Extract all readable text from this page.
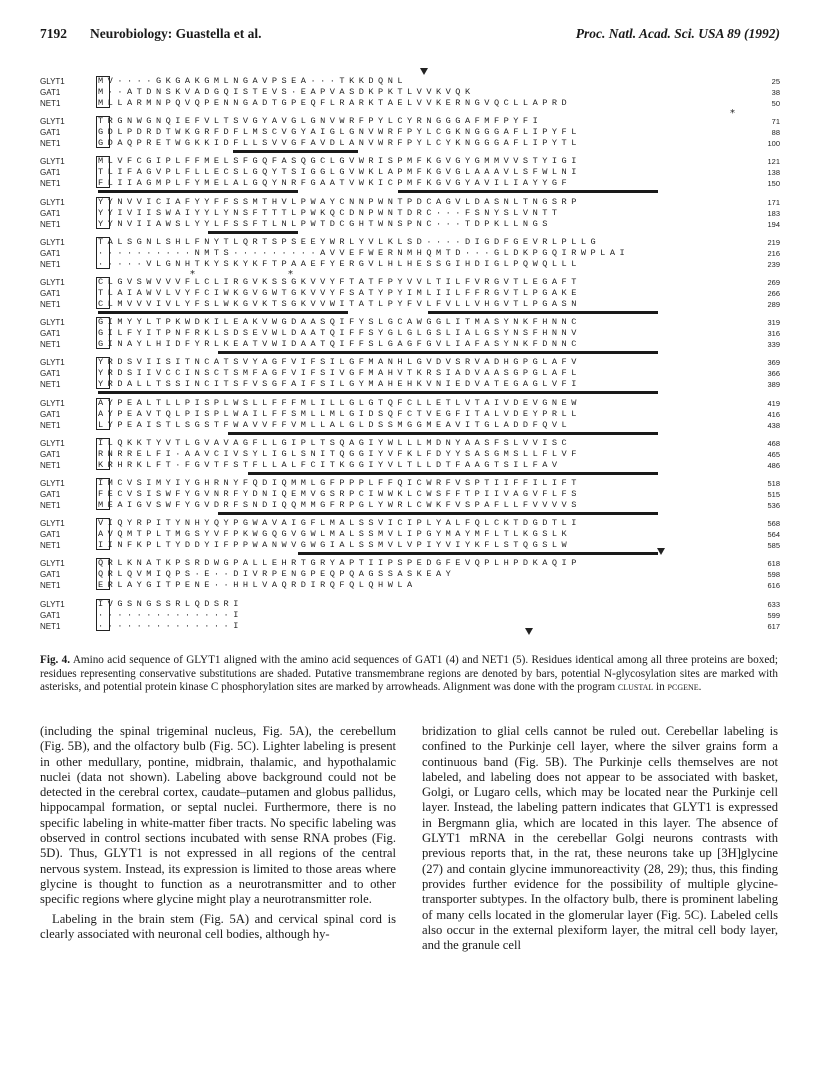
7192 Neurobiology: Guastella et al.	Proc. Natl. Acad. Sci. USA 89 (1992)
GLYT1	MV····GKGAKGMLNGAVPSEA···TKKDQNL	25
GAT1	M··ATDNSKVADGQISTEVS·EAPVASDKPKTLVVKVQK	38
NET1	MLLARMNPQVQPENNGADTGPEQFLRARKTAELVVKERNGVQCLLAPRD	50
GLYT1	TRGNWGNQIEFVLTSVGYAVGLGNVWRFPYLCYRNGGGAFMFPYFI	71
GAT1	GDLPDRDTWKGRFDFLMSCVGYAIGLGNVWRFPYLCGKNGGGAFLIPYFL	88
NET1	GDAQPRETWGKKIDFLLSVVGFAVDLANVWRFPYLCYKNGGGAFLIPYTL	100
GLYT1	MLVFCGIPLFFMELSFGQFASQGCLGVWRISPMFKGVGYGMMVVSTYIGI	121
GAT1	TLIFAGVPLFLLECSLGQYTSIGGLGVWKLAPMFKGVGLAAAVLSFWLNI	138
NET1	FLIIAGMPLFYMELALGQYNRFGAATVWKICPMFKGVGYAVILIAYYGF	150
GLYT1	YYNVVICIAFYYFFSSMTHVLPWAYCNNPWNTPDCAGVLDASNLTNGSRP	171
GAT1	YYIVIISWAIYYLYNSFTTTLPWKQCDNPWNTDRC···FSNYSLVNTT	183
NET1	YYNVIIAWSLYYLFSSFTLNLPWTDCGHTWNSPNC···TDPKLLNGS	194
GLYT1	TALSGNLSHLFNYTLQRTSPSEEYWRLYVLKLSD····DIGDFGEVRLPLLG	219
GAT1	··········NMTS·········AVVEFWERNMHQMTD···GLDKPGQIRWPLAI	216
NET1	·····VLGNHTKYSKYKFTPAAEFYERGVLHLHESSGIHDIGLPQWQLLL	239
GLYT1	CLGVSWVVVFLCLIRGVKSSGKVVYFTATFPYVVLTILFVRGVTLEGAFT	269
GAT1	TLAIAWVLVYFCIWKGVGWTGKVVYFSATYPYIMLIILFFRGVTLPGAKE	266
NET1	CLMVVVIVLYFSLWKGVKTSGKVVWITATLPYFVLFVLLVHGVTLPGASN	289
GLYT1	GIMYYLTPKWDKILEAKVWGDAASQIFYSLGCAWGGLITMASYNKFHNNC	319
GAT1	GILFYITPNFRKLSDSEVWLDAATQIFFSYGLGLGSLIALGSYNSFHNNV	316
NET1	GINAYLHIDFYRLKEATVWIDAATQIFFSLGAGFGVLIAFASYNKFDNNC	339
GLYT1	YRDSVIISITNCATSVYAGFVIFSILGFMANHLGVDVSRVADHGPGLAFV	369
GAT1	YRDSIIVCCINSCTSMFAGFVIFSIVGFMAHVTKRSIADVAASGPGLAFL	366
NET1	YRDALLTSSINCITSFVSGFAIFSILGYMAHEHKVNIEDVATEGAGLVFI	389
GLYT1	AYPEALTLLPISPLWSLLFFFMLILLGLGTQFCLLETLVTAIVDEVGNEW	419
GAT1	AYPEAVTQLPISPLWAILFFSMLLMLGIDSQFCTVEGFITALVDEYPRLL	416
NET1	LYPEAISTLSGSTFWAVVFFVMLLALGLDSSMGGMEAVITGLADDFQVL	438
GLYT1	ILQKKTYVTLGVAVAGFLLGIPLTSQAGIYWLLLMDNYAASFSLVVISC	468
GAT1	RNRRELFI·AAVCIVSYLIGLSNITQGGIYVFKLFDYYSASGMSLLFLVF	465
NET1	KRHRKLFT·FGVTFSTFLLALFCITKGGIYVLTLLDTFAAGTSILFAV	486
GLYT1	IMCVSIMYIYGHRNYFQDIQMMLGFPPPLFFQICWRFVSPTIIFFILIFT	518
GAT1	FECVSISWFYGVNRFYDNIQEMVGSRPCIWWKLCWSFFTPIIVAGVFLFS	515
NET1	MEAIGVSWFYGVDRFSNDIQQMMGFRPGLYWRLCWKFVSPAFLLFVVVVS	536
GLYT1	VIQYRPITYNHYQYPGWAVAIGFLMALSSVICIPLYALFQLCKTDGDTLI	568
GAT1	AVQMTPLTMGSYVFPKWGQGVGWLMALSSMVLIPGYMAYMFLTLKGSLK	564
NET1	IINFKPLTYDDYIFPPWANWVGWGIALSSMVLVPIYVIYKFLSTQGSLW	585
GLYT1	QRLKNATKPSRDWGPALLEHRTGRYAPTIIPSPEDGFEVQPLHPDKAQIP	618
GAT1	QRLQVMIQPS·E··DIVRPENGPEQPQAGSSASKEAY	598
NET1	ERLAYGITPENE··HHLVAQRDIRQFQLQHWLA	616
GLYT1	IVGSNGSSRLQDSRI	633
GAT1	··············I	599
NET1	··············I	617
*
*	*
Fig. 4. Amino acid sequence of GLYT1 aligned with the amino acid sequences of GAT1 (4) and NET1 (5). Residues identical among all three proteins are boxed; residues representing conservative substitutions are shaded. Putative transmembrane regions are denoted by bars, potential N-glycosylation sites are marked with asterisks, and potential protein kinase C phosphorylation sites are marked by arrowheads. Alignment was done with the program clustal in pcgene.

(including the spinal trigeminal nucleus, Fig. 5A), the cerebellum (Fig. 5B), and the olfactory bulb (Fig. 5C). Lighter labeling is present in other medullary, pontine, midbrain, thalamic, and hypothalamic nuclei (data not shown). Labeling above background could not be detected in the cerebral cortex, caudate–putamen and globus pallidus, hippocampal formation, or septal nuclei. Furthermore, there is no specific labeling in white-matter fiber tracts. No specific labeling was observed in control sections incubated with sense RNA probes (Fig. 5D). Thus, GLYT1 is not expressed in all regions of the central nervous system. Instead, its expression is limited to those areas where glycine is thought to function as a neurotransmitter and to other specific regions where glycine might play a neurotransmitter role.

Labeling in the brain stem (Fig. 5A) and cervical spinal cord is clearly associated with neuronal cell bodies, although hy-

bridization to glial cells cannot be ruled out. Cerebellar labeling is confined to the Purkinje cell layer, where the silver grains form a continuous band (Fig. 5B). The Purkinje cells themselves are not labeled, and labeling does not appear to be associated with basket, Golgi, or Lugaro cells, which may be located near the Purkinje cell layer. Instead, the labeling pattern indicates that GLYT1 is expressed in Bergmann glia, which are located in this layer. The absence of GLYT1 mRNA in the cerebellar Golgi neurons contrasts with previous reports that, in the rat, these neurons take up [3H]glycine (27) and contain glycine immunoreactivity (28, 29); thus, this finding provides further evidence for the possibility of multiple glycine-transporter subtypes. In the olfactory bulb, there is prominent labeling of many cells located in the glomerular layer (Fig. 5C). Labeled cells also occur in the external plexiform layer, the mitral cell body layer, and the granule cell
